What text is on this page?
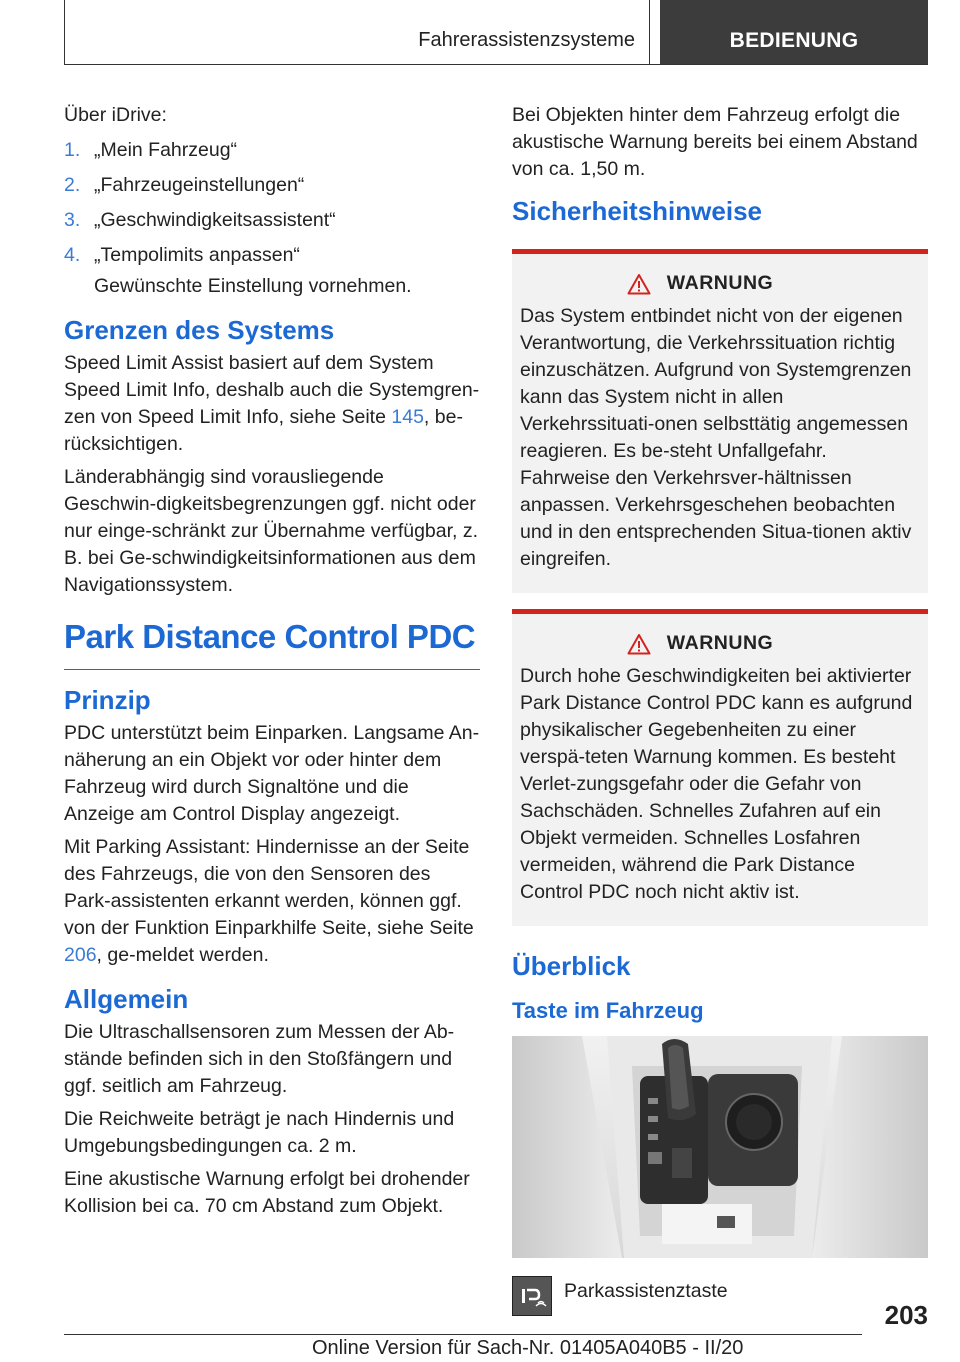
Fahrerassistenzsysteme	BEDIENUNG

Über iDrive:

1. „Mein Fahrzeug“
2. „Fahrzeugeinstellungen“
3. „Geschwindigkeitsassistent“
4. „Tempolimits anpassen“
Gewünschte Einstellung vornehmen.
Grenzen des Systems

Speed Limit Assist basiert auf dem System Speed Limit Info, deshalb auch die Systemgren-zen von Speed Limit Info, siehe Seite 145, be-rücksichtigen.

Länderabhängig sind vorausliegende Geschwin-digkeitsbegrenzungen ggf. nicht oder nur einge-schränkt zur Übernahme verfügbar, z. B. bei Ge-schwindigkeitsinformationen aus dem Navigationssystem.

Park Distance Control PDC
Prinzip

PDC unterstützt beim Einparken. Langsame An-näherung an ein Objekt vor oder hinter dem Fahrzeug wird durch Signaltöne und die Anzeige am Control Display angezeigt.

Mit Parking Assistant: Hindernisse an der Seite des Fahrzeugs, die von den Sensoren des Park-assistenten erkannt werden, können ggf. von der Funktion Einparkhilfe Seite, siehe Seite 206, ge-meldet werden.

Allgemein

Die Ultraschallsensoren zum Messen der Ab-stände befinden sich in den Stoßfängern und ggf. seitlich am Fahrzeug.

Die Reichweite beträgt je nach Hindernis und Umgebungsbedingungen ca. 2 m.

Eine akustische Warnung erfolgt bei drohender Kollision bei ca. 70 cm Abstand zum Objekt.

Bei Objekten hinter dem Fahrzeug erfolgt die akustische Warnung bereits bei einem Abstand von ca. 1,50 m.

Sicherheitshinweise
WARNUNG

Das System entbindet nicht von der eigenen Verantwortung, die Verkehrssituation richtig einzuschätzen. Aufgrund von Systemgrenzen kann das System nicht in allen Verkehrssituati-onen selbsttätig angemessen reagieren. Es be-steht Unfallgefahr. Fahrweise den Verkehrsver-hältnissen anpassen. Verkehrsgeschehen beobachten und in den entsprechenden Situa-tionen aktiv eingreifen.

WARNUNG

Durch hohe Geschwindigkeiten bei aktivierter Park Distance Control PDC kann es aufgrund physikalischer Gegebenheiten zu einer verspä-teten Warnung kommen. Es besteht Verlet-zungsgefahr oder die Gefahr von Sachschäden. Schnelles Zufahren auf ein Objekt vermeiden. Schnelles Losfahren vermeiden, während die Park Distance Control PDC noch nicht aktiv ist.

Überblick
Taste im Fahrzeug
Parkassistenztaste
203
Online Version für Sach-Nr. 01405A040B5 - II/20
